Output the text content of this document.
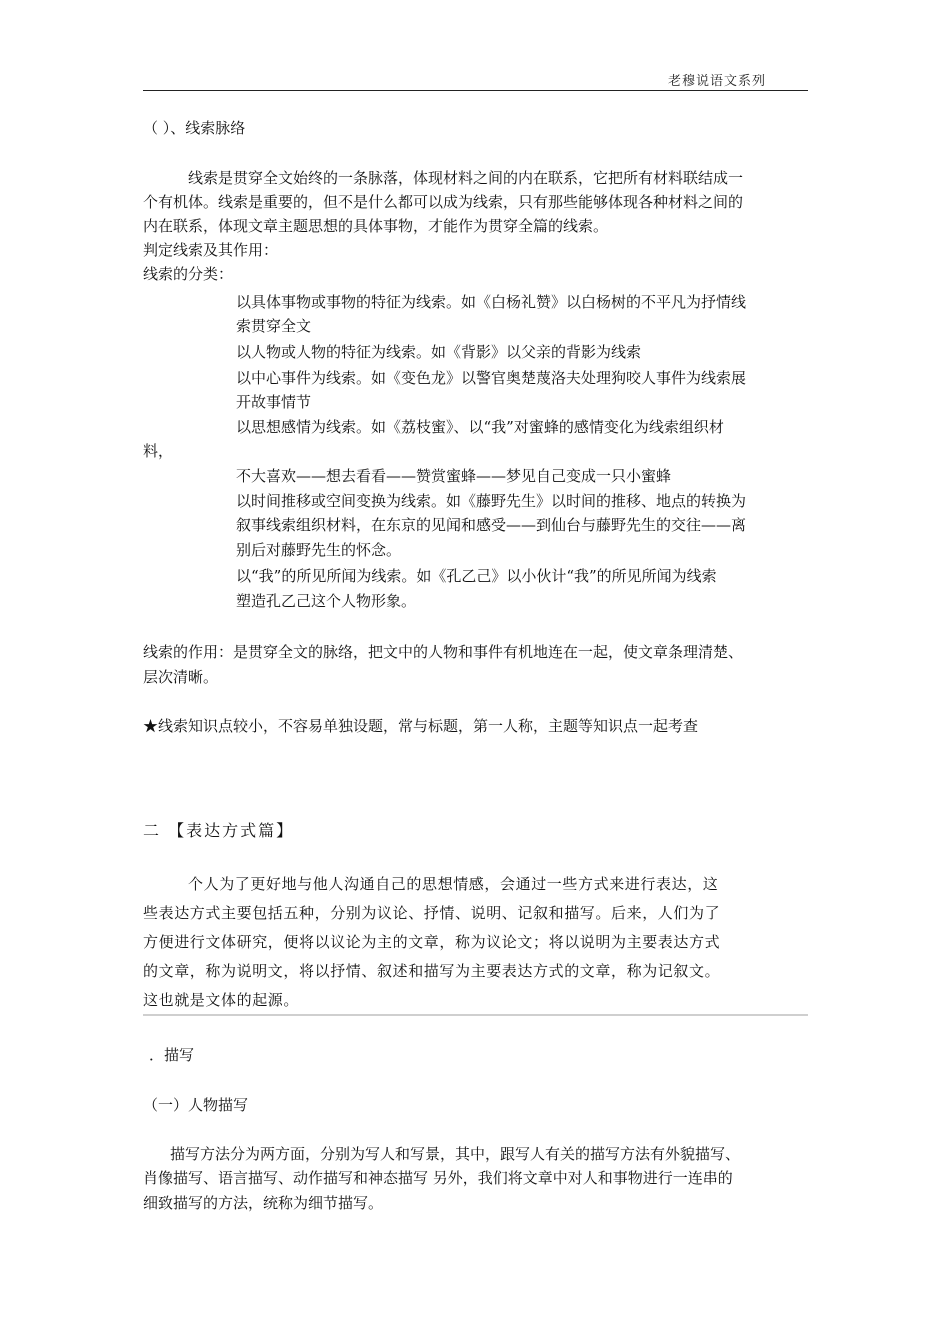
老穆说语文系列
（ ）、线索脉络
线索是贯穿全文始终的一条脉落，体现材料之间的内在联系，它把所有材料联结成一
个有机体。线索是重要的，但不是什么都可以成为线索，只有那些能够体现各种材料之间的
内在联系，体现文章主题思想的具体事物，才能作为贯穿全篇的线索。
判定线索及其作用：
线索的分类：
以具体事物或事物的特征为线索。如《白杨礼赞》以白杨树的不平凡为抒情线
索贯穿全文
以人物或人物的特征为线索。如《背影》以父亲的背影为线索
以中心事件为线索。如《变色龙》以警官奥楚蔑洛夫处理狗咬人事件为线索展
开故事情节
以思想感情为线索。如《荔枝蜜》、以“我”对蜜蜂的感情变化为线索组织材
料，
不大喜欢——想去看看——赞赏蜜蜂——梦见自己变成一只小蜜蜂
以时间推移或空间变换为线索。如《藤野先生》以时间的推移、地点的转换为
叙事线索组织材料，在东京的见闻和感受——到仙台与藤野先生的交往——离
别后对藤野先生的怀念。
以“我”的所见所闻为线索。如《孔乙己》以小伙计“我”的所见所闻为线索
塑造孔乙己这个人物形象。
线索的作用：是贯穿全文的脉络，把文中的人物和事件有机地连在一起，使文章条理清楚、
层次清晰。
★线索知识点较小，不容易单独设题，常与标题，第一人称，主题等知识点一起考查
二 【表达方式篇】
个人为了更好地与他人沟通自己的思想情感，会通过一些方式来进行表达，这
些表达方式主要包括五种，分别为议论、抒情、说明、记叙和描写。后来，人们为了
方便进行文体研究，便将以议论为主的文章，称为议论文；将以说明为主要表达方式
的文章，称为说明文，将以抒情、叙述和描写为主要表达方式的文章，称为记叙文。
这也就是文体的起源。
．描写
（一）人物描写
描写方法分为两方面，分别为写人和写景，其中，跟写人有关的描写方法有外貌描写、
肖像描写、语言描写、动作描写和神态描写 另外，我们将文章中对人和事物进行一连串的
细致描写的方法，统称为细节描写。
